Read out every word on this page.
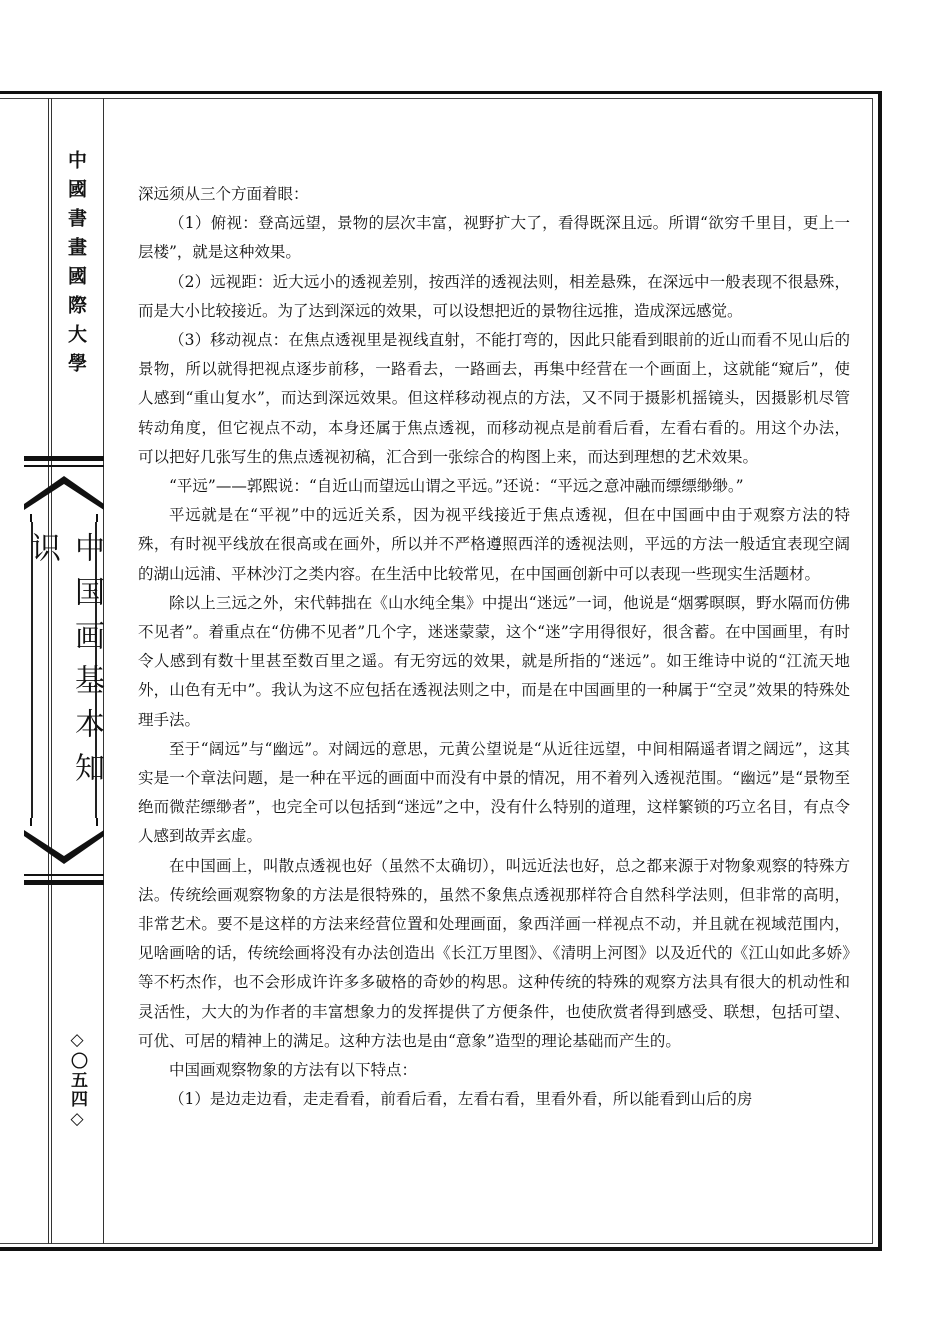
中國書畫國際大學
中国画基本知识
◇〇五四◇

深远须从三个方面着眼：

（1）俯视：登高远望，景物的层次丰富，视野扩大了，看得既深且远。所谓“欲穷千里目，更上一层楼”，就是这种效果。

（2）远视距：近大远小的透视差别，按西洋的透视法则，相差悬殊，在深远中一般表现不很悬殊，而是大小比较接近。为了达到深远的效果，可以设想把近的景物往远推，造成深远感觉。

（3）移动视点：在焦点透视里是视线直射，不能打弯的，因此只能看到眼前的近山而看不见山后的景物，所以就得把视点逐步前移，一路看去，一路画去，再集中经营在一个画面上，这就能“窥后”，使人感到“重山复水”，而达到深远效果。但这样移动视点的方法，又不同于摄影机摇镜头，因摄影机尽管转动角度，但它视点不动，本身还属于焦点透视，而移动视点是前看后看，左看右看的。用这个办法，可以把好几张写生的焦点透视初稿，汇合到一张综合的构图上来，而达到理想的艺术效果。

“平远”——郭熙说：“自近山而望远山谓之平远。”还说：“平远之意冲融而缥缥缈缈。”

平远就是在“平视”中的远近关系，因为视平线接近于焦点透视，但在中国画中由于观察方法的特殊，有时视平线放在很高或在画外，所以并不严格遵照西洋的透视法则，平远的方法一般适宜表现空阔的湖山远浦、平林沙汀之类内容。在生活中比较常见，在中国画创新中可以表现一些现实生活题材。

除以上三远之外，宋代韩拙在《山水纯全集》中提出“迷远”一词，他说是“烟雾暝暝，野水隔而仿佛不见者”。着重点在“仿佛不见者”几个字，迷迷蒙蒙，这个“迷”字用得很好，很含蓄。在中国画里，有时令人感到有数十里甚至数百里之遥。有无穷远的效果，就是所指的“迷远”。如王维诗中说的“江流天地外，山色有无中”。我认为这不应包括在透视法则之中，而是在中国画里的一种属于“空灵”效果的特殊处理手法。

至于“阔远”与“幽远”。对阔远的意思，元黄公望说是“从近往远望，中间相隔遥者谓之阔远”，这其实是一个章法问题，是一种在平远的画面中而没有中景的情况，用不着列入透视范围。“幽远”是“景物至绝而微茫缥缈者”，也完全可以包括到“迷远”之中，没有什么特别的道理，这样繁锁的巧立名目，有点令人感到故弄玄虚。

在中国画上，叫散点透视也好（虽然不太确切），叫远近法也好，总之都来源于对物象观察的特殊方法。传统绘画观察物象的方法是很特殊的，虽然不象焦点透视那样符合自然科学法则，但非常的高明，非常艺术。要不是这样的方法来经营位置和处理画面，象西洋画一样视点不动，并且就在视域范围内，见啥画啥的话，传统绘画将没有办法创造出《长江万里图》、《清明上河图》以及近代的《江山如此多娇》等不朽杰作，也不会形成许许多多破格的奇妙的构思。这种传统的特殊的观察方法具有很大的机动性和灵活性，大大的为作者的丰富想象力的发挥提供了方便条件，也使欣赏者得到感受、联想，包括可望、可优、可居的精神上的满足。这种方法也是由“意象”造型的理论基础而产生的。

中国画观察物象的方法有以下特点：

（1）是边走边看，走走看看，前看后看，左看右看，里看外看，所以能看到山后的房
